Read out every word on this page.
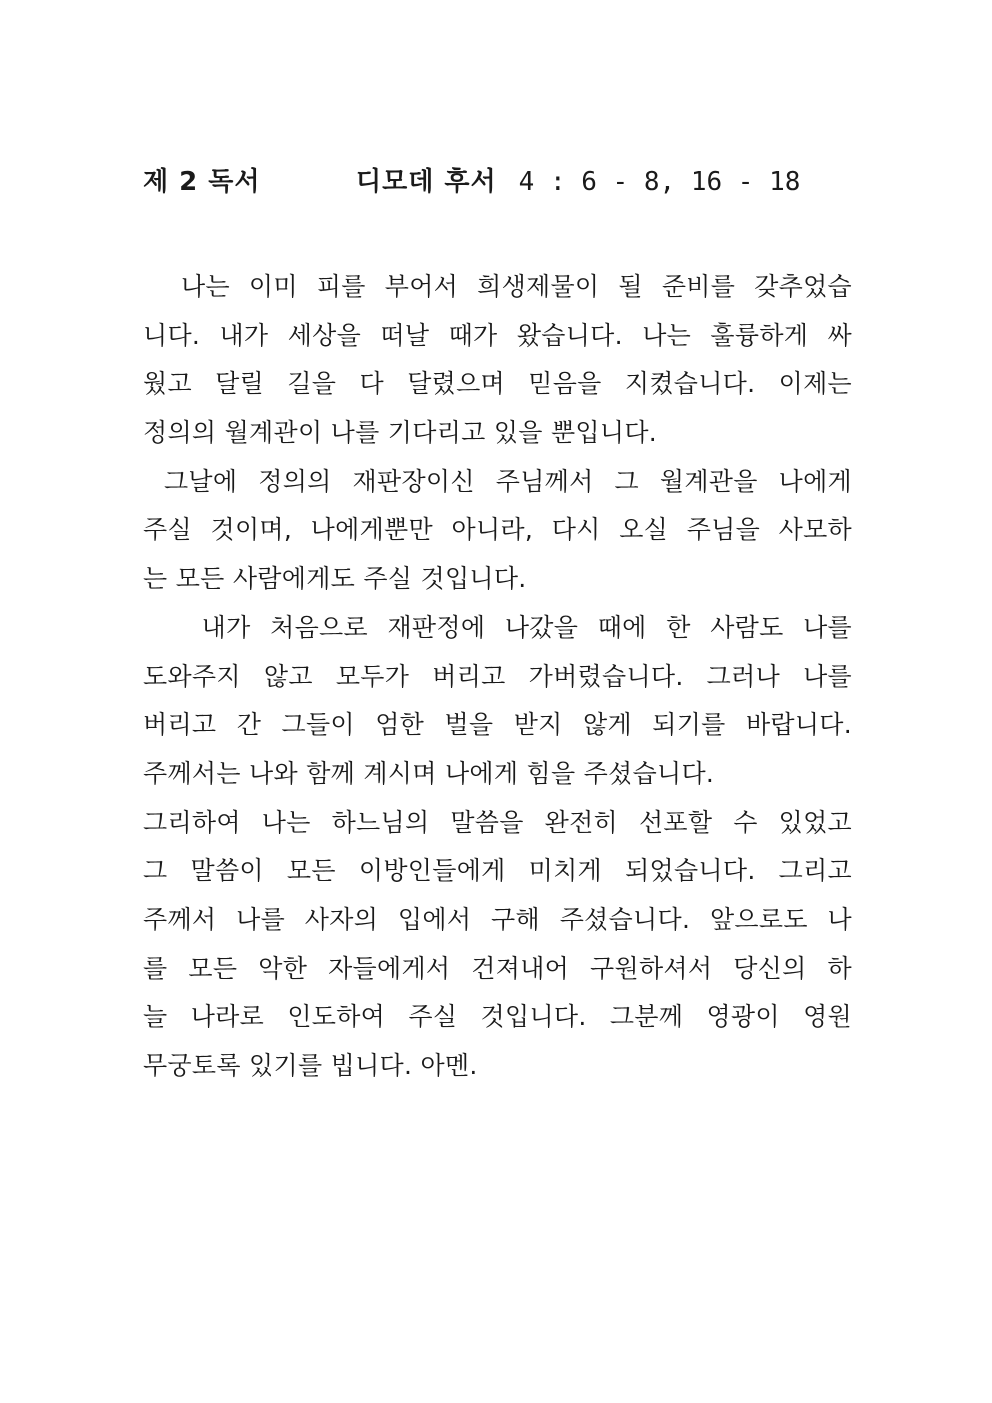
제 2 독서	디모데 후서 4 : 6 - 8, 16 - 18
나는 이미 피를 부어서 희생제물이 될 준비를 갖추었습
니다. 내가 세상을 떠날 때가 왔습니다. 나는 훌륭하게 싸
웠고 달릴 길을 다 달렸으며 믿음을 지켰습니다. 이제는
정의의 월계관이 나를 기다리고 있을 뿐입니다.
그날에 정의의 재판장이신 주님께서 그 월계관을 나에게
주실 것이며, 나에게뿐만 아니라, 다시 오실 주님을 사모하
는 모든 사람에게도 주실 것입니다.
내가 처음으로 재판정에 나갔을 때에 한 사람도 나를
도와주지 않고 모두가 버리고 가버렸습니다. 그러나 나를
버리고 간 그들이 엄한 벌을 받지 않게 되기를 바랍니다.
주께서는 나와 함께 계시며 나에게 힘을 주셨습니다.
그리하여 나는 하느님의 말씀을 완전히 선포할 수 있었고
그 말씀이 모든 이방인들에게 미치게 되었습니다. 그리고
주께서 나를 사자의 입에서 구해 주셨습니다. 앞으로도 나
를 모든 악한 자들에게서 건져내어 구원하셔서 당신의 하
늘 나라로 인도하여 주실 것입니다. 그분께 영광이 영원
무궁토록 있기를 빕니다. 아멘.
